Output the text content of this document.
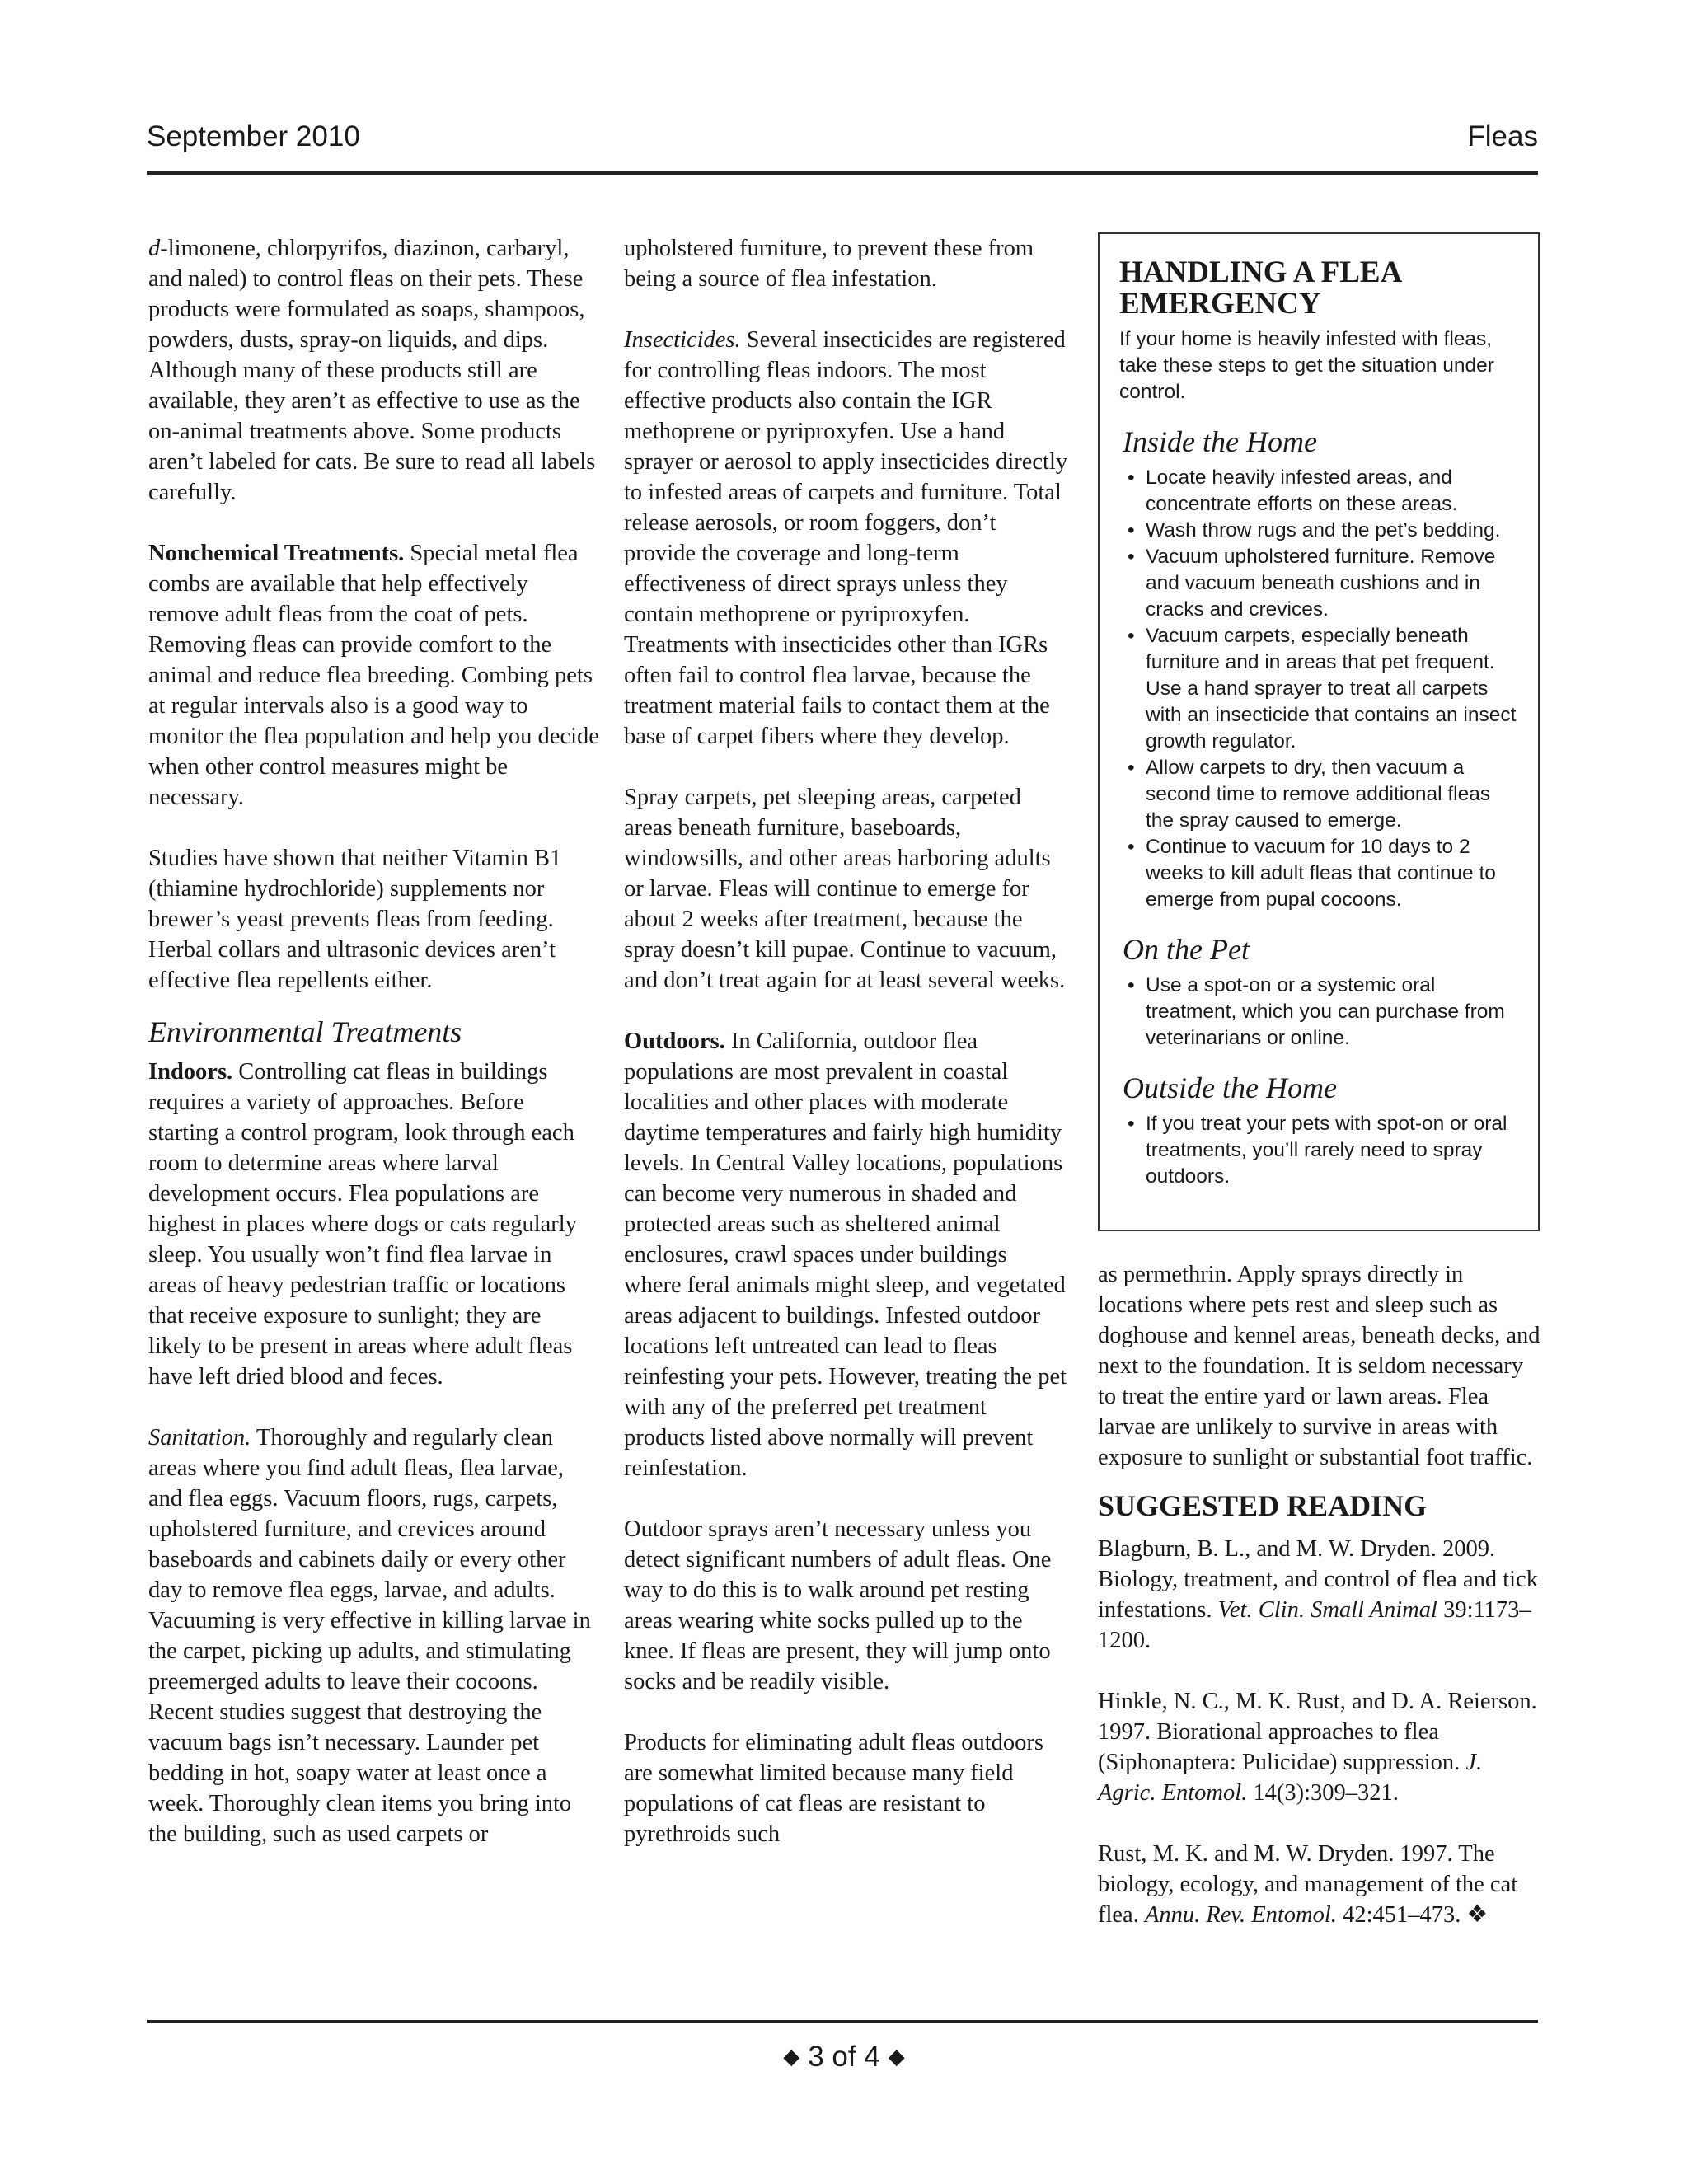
September 2010	Fleas

d-limonene, chlorpyrifos, diazinon, carbaryl, and naled) to control fleas on their pets. These products were formulated as soaps, shampoos, powders, dusts, spray-on liquids, and dips. Although many of these products still are available, they aren’t as effective to use as the on-animal treatments above. Some products aren’t labeled for cats. Be sure to read all labels carefully.

Nonchemical Treatments. Special metal flea combs are available that help effectively remove adult fleas from the coat of pets. Removing fleas can provide comfort to the animal and reduce flea breeding. Combing pets at regular intervals also is a good way to monitor the flea population and help you decide when other control measures might be necessary.

Studies have shown that neither Vitamin B1 (thiamine hydrochloride) supplements nor brewer’s yeast prevents fleas from feeding. Herbal collars and ultrasonic devices aren’t effective flea repellents either.

Environmental Treatments

Indoors. Controlling cat fleas in buildings requires a variety of approaches. Before starting a control program, look through each room to determine areas where larval development occurs. Flea populations are highest in places where dogs or cats regularly sleep. You usually won’t find flea larvae in areas of heavy pedestrian traffic or locations that receive exposure to sunlight; they are likely to be present in areas where adult fleas have left dried blood and feces.

Sanitation. Thoroughly and regularly clean areas where you find adult fleas, flea larvae, and flea eggs. Vacuum floors, rugs, carpets, upholstered furniture, and crevices around baseboards and cabinets daily or every other day to remove flea eggs, larvae, and adults. Vacuuming is very effective in killing larvae in the carpet, picking up adults, and stimulating preemerged adults to leave their cocoons. Recent studies suggest that destroying the vacuum bags isn’t necessary. Launder pet bedding in hot, soapy water at least once a week. Thoroughly clean items you bring into the building, such as used carpets or

upholstered furniture, to prevent these from being a source of flea infestation.

Insecticides. Several insecticides are registered for controlling fleas indoors. The most effective products also contain the IGR methoprene or pyriproxyfen. Use a hand sprayer or aerosol to apply insecticides directly to infested areas of carpets and furniture. Total release aerosols, or room foggers, don’t provide the coverage and long-term effectiveness of direct sprays unless they contain methoprene or pyriproxyfen. Treatments with insecticides other than IGRs often fail to control flea larvae, because the treatment material fails to contact them at the base of carpet fibers where they develop.

Spray carpets, pet sleeping areas, carpeted areas beneath furniture, baseboards, windowsills, and other areas harboring adults or larvae. Fleas will continue to emerge for about 2 weeks after treatment, because the spray doesn’t kill pupae. Continue to vacuum, and don’t treat again for at least several weeks.

Outdoors. In California, outdoor flea populations are most prevalent in coastal localities and other places with moderate daytime temperatures and fairly high humidity levels. In Central Valley locations, populations can become very numerous in shaded and protected areas such as sheltered animal enclosures, crawl spaces under buildings where feral animals might sleep, and vegetated areas adjacent to buildings. Infested outdoor locations left untreated can lead to fleas reinfesting your pets. However, treating the pet with any of the preferred pet treatment products listed above normally will prevent reinfestation.

Outdoor sprays aren’t necessary unless you detect significant numbers of adult fleas. One way to do this is to walk around pet resting areas wearing white socks pulled up to the knee. If fleas are present, they will jump onto socks and be readily visible.

Products for eliminating adult fleas outdoors are somewhat limited because many field populations of cat fleas are resistant to pyrethroids such

HANDLING A FLEA EMERGENCY
If your home is heavily infested with fleas, take these steps to get the situation under control.
Inside the Home
• Locate heavily infested areas, and concentrate efforts on these areas.
• Wash throw rugs and the pet’s bedding.
• Vacuum upholstered furniture. Remove and vacuum beneath cushions and in cracks and crevices.
• Vacuum carpets, especially beneath furniture and in areas that pet frequent. Use a hand sprayer to treat all carpets with an insecticide that contains an insect growth regulator.
• Allow carpets to dry, then vacuum a second time to remove additional fleas the spray caused to emerge.
• Continue to vacuum for 10 days to 2 weeks to kill adult fleas that continue to emerge from pupal cocoons.
On the Pet
• Use a spot-on or a systemic oral treatment, which you can purchase from veterinarians or online.
Outside the Home
• If you treat your pets with spot-on or oral treatments, you’ll rarely need to spray outdoors.

as permethrin. Apply sprays directly in locations where pets rest and sleep such as doghouse and kennel areas, beneath decks, and next to the foundation. It is seldom necessary to treat the entire yard or lawn areas. Flea larvae are unlikely to survive in areas with exposure to sunlight or substantial foot traffic.

SUGGESTED READING

Blagburn, B. L., and M. W. Dryden. 2009. Biology, treatment, and control of flea and tick infestations. Vet. Clin. Small Animal 39:1173–1200.

Hinkle, N. C., M. K. Rust, and D. A. Reierson. 1997. Biorational approaches to flea (Siphonaptera: Pulicidae) suppression. J. Agric. Entomol. 14(3):309–321.

Rust, M. K. and M. W. Dryden. 1997. The biology, ecology, and management of the cat flea. Annu. Rev. Entomol. 42:451–473. ❖

◆ 3 of 4 ◆
